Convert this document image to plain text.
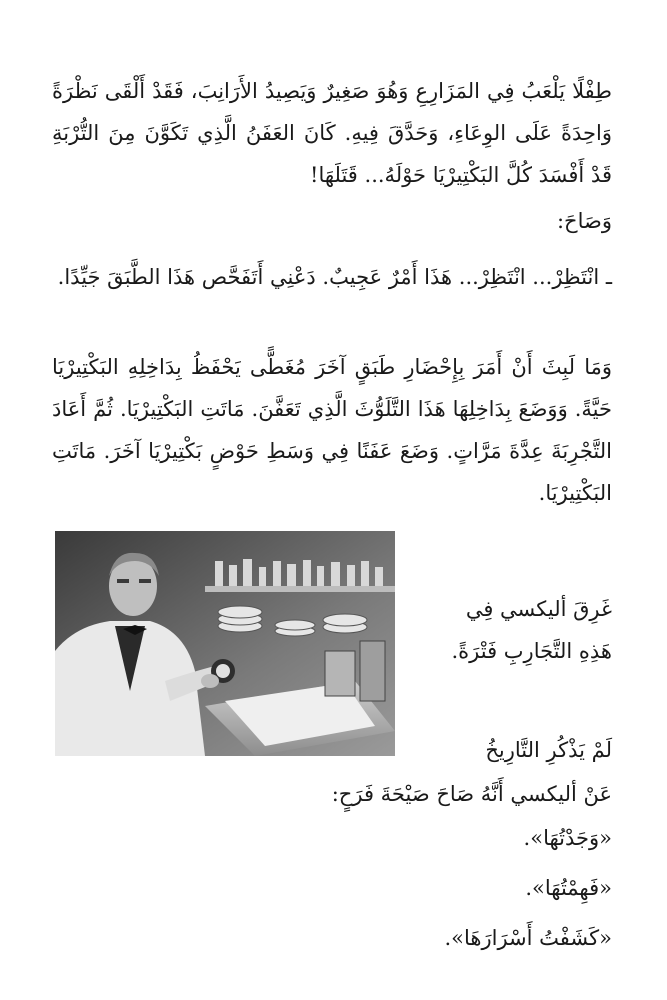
طِفْلًا يَلْعَبُ فِي المَزَارِعِ وَهُوَ صَغِيرٌ وَيَصِيدُ الأَرَانِبَ، فَقَدْ أَلْقَى نَظْرَةً وَاحِدَةً عَلَى الوِعَاءِ، وَحَدَّقَ فِيهِ. كَانَ العَفَنُ الَّذِي تَكَوَّنَ مِنَ التُّرْبَةِ قَدْ أَفْسَدَ كُلَّ البَكْتِيرْيَا حَوْلَهُ... قَتَلَهَا!

وَصَاحَ:

ـ انْتَظِرْ... انْتَظِرْ... هَذَا أَمْرٌ عَجِيبٌ. دَعْنِي أَتَفَحَّص هَذَا الطَّبَقَ جَيِّدًا.

وَمَا لَبِثَ أَنْ أَمَرَ بِإِحْضَارِ طَبَقٍ آخَرَ مُغَطًّى يَحْفَظُ بِدَاخِلِهِ البَكْتِيرْيَا حَيَّةً. وَوَضَعَ بِدَاخِلِهَا هَذَا التَّلَوُّثَ الَّذِي تَعَفَّنَ. مَاتَتِ البَكْتِيرْيَا. ثُمَّ أَعَادَ التَّجْرِبَةَ عِدَّةَ مَرَّاتٍ. وَضَعَ عَفَنًا فِي وَسَطِ حَوْضٍ بَكْتِيرْيَا آخَرَ. مَاتَتِ البَكْتِيرْيَا.

غَرِقَ أليكسي فِي
هَذِهِ التَّجَارِبِ فَتْرَةً.

لَمْ يَذْكُرِ التَّارِيخُ

عَنْ أليكسي أَنَّهُ صَاحَ صَيْحَةَ فَرَحٍ:

«وَجَدْتُهَا».

«فَهِمْتُهَا».

«كَشَفْتُ أَسْرَارَهَا».
